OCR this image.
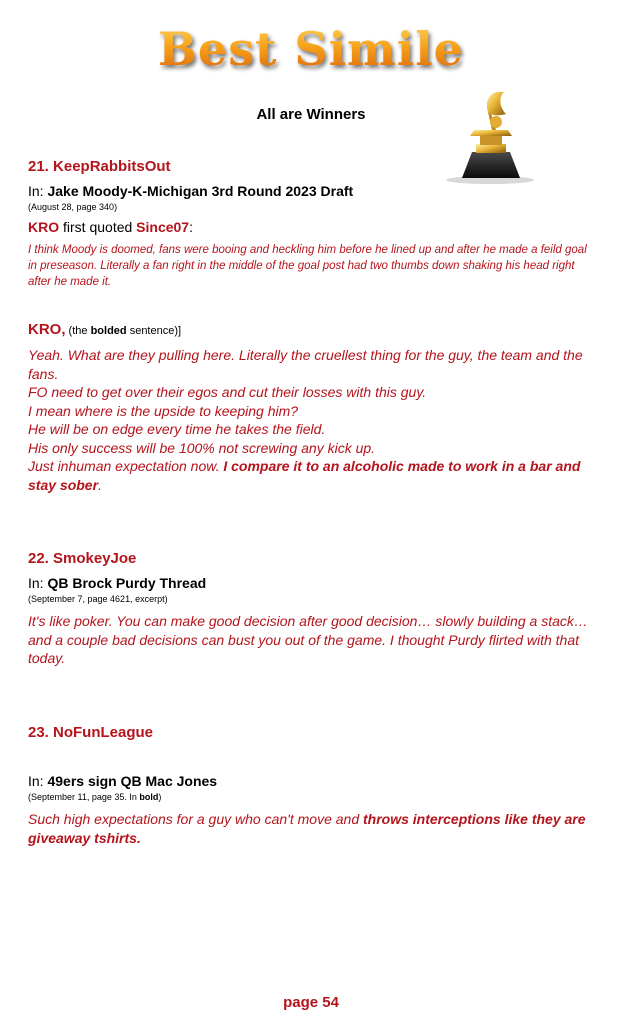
Best Simile
All are Winners
21. KeepRabbitsOut
In: Jake Moody-K-Michigan 3rd Round 2023 Draft
(August 28, page 340)
KRO first quoted Since07:
I think Moody is doomed, fans were booing and heckling him before he lined up and after he made a feild goal in preseason. Literally a fan right in the middle of the goal post had two thumbs down shaking his head right after he made it.
KRO, (the bolded sentence)]
Yeah. What are they pulling here. Literally the cruellest thing for the guy, the team and the fans.
FO need to get over their egos and cut their losses with this guy.
I mean where is the upside to keeping him?
He will be on edge every time he takes the field.
His only success will be 100% not screwing any kick up.
Just inhuman expectation now. I compare it to an alcoholic made to work in a bar and stay sober.
22. SmokeyJoe
In: QB Brock Purdy Thread
(September 7, page 4621, excerpt)
It's like poker. You can make good decision after good decision… slowly building a stack… and a couple bad decisions can bust you out of the game. I thought Purdy flirted with that today.
23. NoFunLeague
In: 49ers sign QB Mac Jones
(September 11, page 35. In bold)
Such high expectations for a guy who can't move and throws interceptions like they are giveaway tshirts.
page 54
